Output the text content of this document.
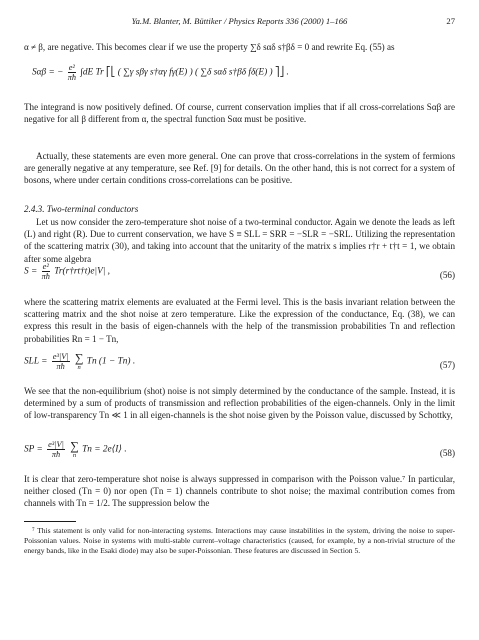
Ya.M. Blanter, M. Büttiker / Physics Reports 336 (2000) 1–166	27

α ≠ β, are negative. This becomes clear if we use the property ∑δ sαδ s†βδ = 0 and rewrite Eq. (55) as

Sαβ = − $\frac{\text{e²}}{\pi ħ} \int dE$ Tr ⎡⎣ ( ∑γ sβγ s†αγ fγ(E) ) ( ∑δ sαδ s†βδ fδ(E) ) ⎤⎦ .

The integrand is now positively defined. Of course, current conservation implies that if all cross-correlations Sαβ are negative for all β different from α, the spectral function Sαα must be positive.

Actually, these statements are even more general. One can prove that cross-correlations in the system of fermions are generally negative at any temperature, see Ref. [9] for details. On the other hand, this is not correct for a system of bosons, where under certain conditions cross-correlations can be positive.

2.4.3. Two-terminal conductors

Let us now consider the zero-temperature shot noise of a two-terminal conductor. Again we denote the leads as left (L) and right (R). Due to current conservation, we have S ≡ SLL = SRR = −SLR = −SRL. Utilizing the representation of the scattering matrix (30), and taking into account that the unitarity of the matrix s implies r†r + t†t = 1, we obtain after some algebra

$S = \frac{\text{e²}}{\pi ħ}$ Tr(r†rt†t)e|V| ,	(56)

where the scattering matrix elements are evaluated at the Fermi level. This is the basis invariant relation between the scattering matrix and the shot noise at zero temperature. Like the expression of the conductance, Eq. (38), we can express this result in the basis of eigen-channels with the help of the transmission probabilities Tn and reflection probabilities Rn = 1 − Tn,

SLL = $\frac{\text{e³|V|}}{\pi ħ}$
∑
n
Tn (1 − Tn) .	(57)

We see that the non-equilibrium (shot) noise is not simply determined by the conductance of the sample. Instead, it is determined by a sum of products of transmission and reflection probabilities of the eigen-channels. Only in the limit of low-transparency Tn ≪ 1 in all eigen-channels is the shot noise given by the Poisson value, discussed by Schottky,

SP = $\frac{\text{e³|V|}}{\pi ħ}$
∑
n
Tn = 2e⟨I⟩ .	(58)

It is clear that zero-temperature shot noise is always suppressed in comparison with the Poisson value.⁷ In particular, neither closed (Tn = 0) nor open (Tn = 1) channels contribute to shot noise; the maximal contribution comes from channels with Tn = 1/2. The suppression below the

⁷ This statement is only valid for non-interacting systems. Interactions may cause instabilities in the system, driving the noise to super-Poissonian values. Noise in systems with multi-stable current–voltage characteristics (caused, for example, by a non-trivial structure of the energy bands, like in the Esaki diode) may also be super-Poissonian. These features are discussed in Section 5.
